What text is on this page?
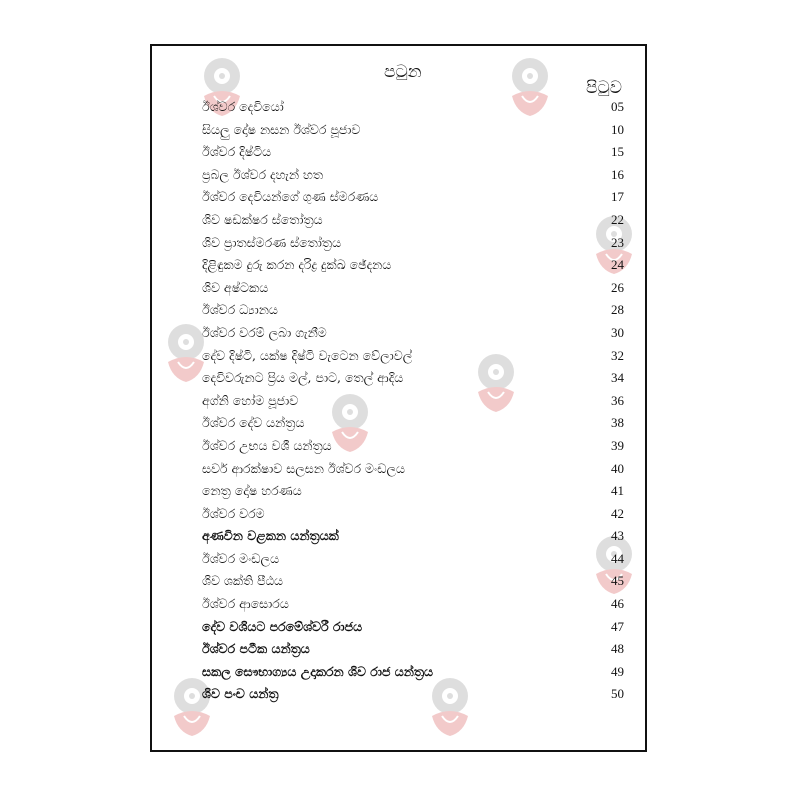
පටුන
පිටුව
ඊශ්වර දෙවියෝ	05
සියලු දෝෂ නසන ඊශ්වර පූජාව	10
ඊශ්වර දිෂ්ටිය	15
ප්‍රබල ඊශ්වර දහැන් හත	16
ඊශ්වර දෙවියන්ගේ ගුණ ස්මරණය	17
ශිව ෂඩක්ෂර ස්තෝත්‍රය	22
ශිව ප්‍රාතස්මරණ ස්තෝත්‍රය	23
දිළිඳුකම දුරු කරන දරිද්‍ර දුක්ඛ ඡේදනය	24
ශිව අෂ්ටකය	26
ඊශ්වර ධ්‍යානය	28
ඊශ්වර වරම් ලබා ගැනීම	30
දේව දිෂ්ටි, යක්ෂ දිෂ්ටි වැටෙන වේලාවල්	32
දෙවිවරුනට ප්‍රිය මල්, පාට, තෙල් ආදිය	34
අග්නි හෝම පූජාව	36
ඊශ්වර දේව යන්ත්‍රය	38
ඊශ්වර උභය වශී යන්ත්‍රය	39
සර්ව ආරක්ෂාව සලසන ඊශ්වර මංඩලය	40
නෙත්‍ර දෝෂ හරණය	41
ඊශ්වර වරම	42
අණවින වළකන යන්ත්‍රයක්	43
ඊශ්වර මංඩලය	44
ශිව ශක්ති පීඨය	45
ඊශ්වර ආසොරය	46
දේව වශියට පරමේශ්වරී රාජය	47
ඊශ්වර පටීක යන්ත්‍රය	48
සකල සෞභාග්‍යය උදාකරන ශිව රාජ යන්ත්‍රය	49
ශිව පංච යන්ත්‍ර	50
